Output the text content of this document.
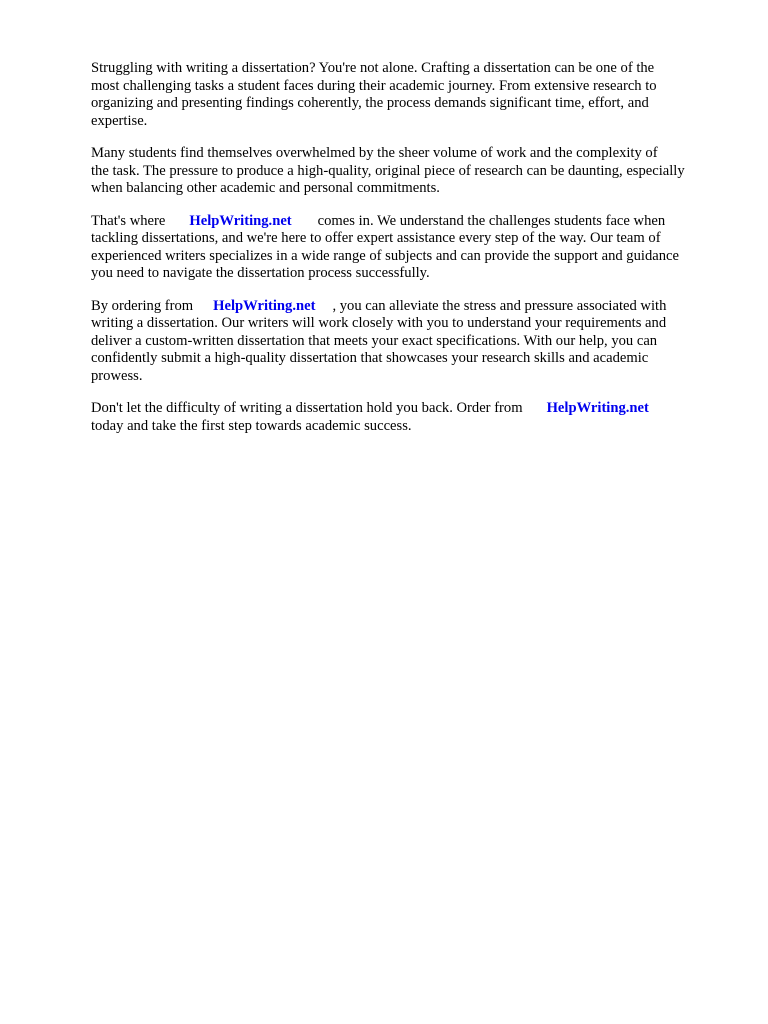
Struggling with writing a dissertation? You're not alone. Crafting a dissertation can be one of the
most challenging tasks a student faces during their academic journey. From extensive research to
organizing and presenting findings coherently, the process demands significant time, effort, and
expertise.

Many students find themselves overwhelmed by the sheer volume of work and the complexity of
the task. The pressure to produce a high-quality, original piece of research can be daunting, especially
when balancing other academic and personal commitments.

That's where HelpWriting.net comes in. We understand the challenges students face when
tackling dissertations, and we're here to offer expert assistance every step of the way. Our team of
experienced writers specializes in a wide range of subjects and can provide the support and guidance
you need to navigate the dissertation process successfully.

By ordering from HelpWriting.net , you can alleviate the stress and pressure associated with
writing a dissertation. Our writers will work closely with you to understand your requirements and
deliver a custom-written dissertation that meets your exact specifications. With our help, you can
confidently submit a high-quality dissertation that showcases your research skills and academic
prowess.

Don't let the difficulty of writing a dissertation hold you back. Order from HelpWriting.net
today and take the first step towards academic success.
